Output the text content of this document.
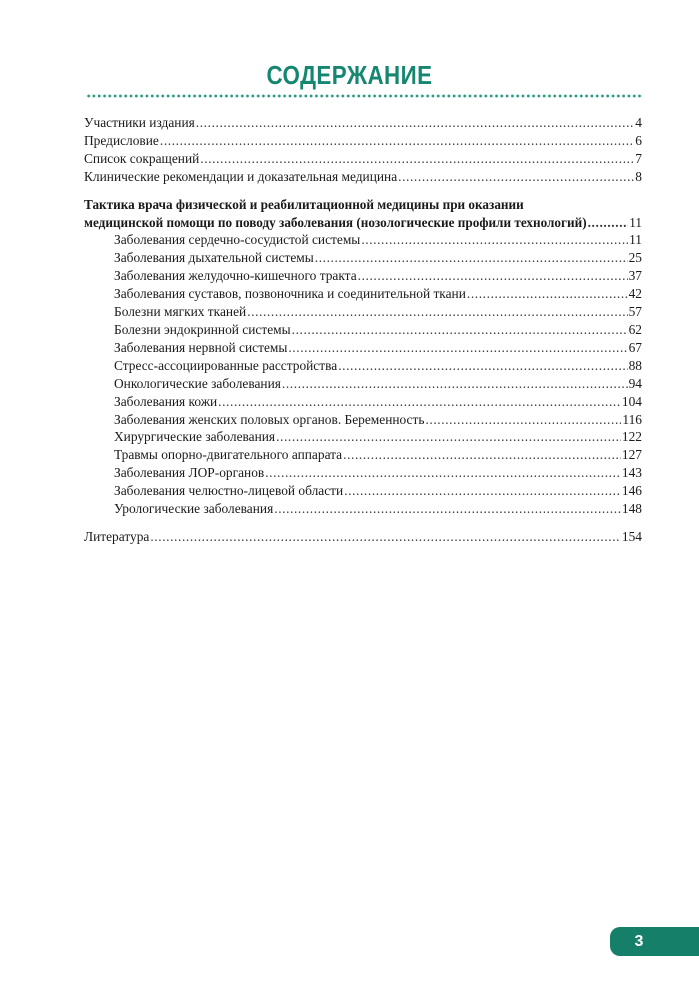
СОДЕРЖАНИЕ
Участники издания .....	4
Предисловие .....	6
Список сокращений .....	7
Клинические рекомендации и доказательная медицина .....	8
Тактика врача физической и реабилитационной медицины при оказании
медицинской помощи по поводу заболевания (нозологические профили технологий) .....	11
Заболевания сердечно-сосудистой системы .....	11
Заболевания дыхательной системы .....	25
Заболевания желудочно-кишечного тракта .....	37
Заболевания суставов, позвоночника и соединительной ткани .....	42
Болезни мягких тканей .....	57
Болезни эндокринной системы .....	62
Заболевания нервной системы .....	67
Стресс-ассоциированные расстройства .....	88
Онкологические заболевания .....	94
Заболевания кожи .....	104
Заболевания женских половых органов. Беременность .....	116
Хирургические заболевания .....	122
Травмы опорно-двигательного аппарата .....	127
Заболевания ЛОР-органов .....	143
Заболевания челюстно-лицевой области .....	146
Урологические заболевания .....	148
Литература .....	154
3
